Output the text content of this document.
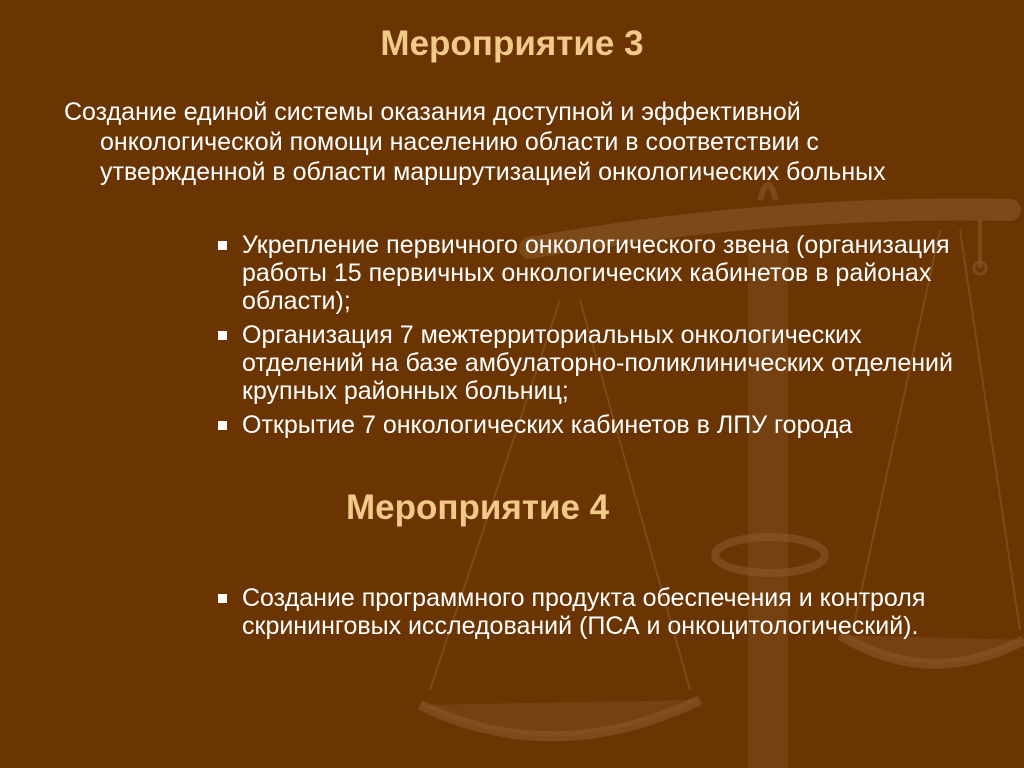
Мероприятие 3

Создание единой системы оказания доступной и эффективной онкологической помощи населению области в соответствии с утвержденной в области маршрутизацией онкологических больных

Укрепление первичного онкологического звена (организация работы 15 первичных онкологических кабинетов в районах области);
Организация 7 межтерриториальных онкологических отделений на базе амбулаторно-поликлинических отделений крупных районных больниц;
Открытие 7 онкологических кабинетов в ЛПУ города
Мероприятие 4
Создание программного продукта обеспечения и контроля скрининговых исследований (ПСА и онкоцитологический).
